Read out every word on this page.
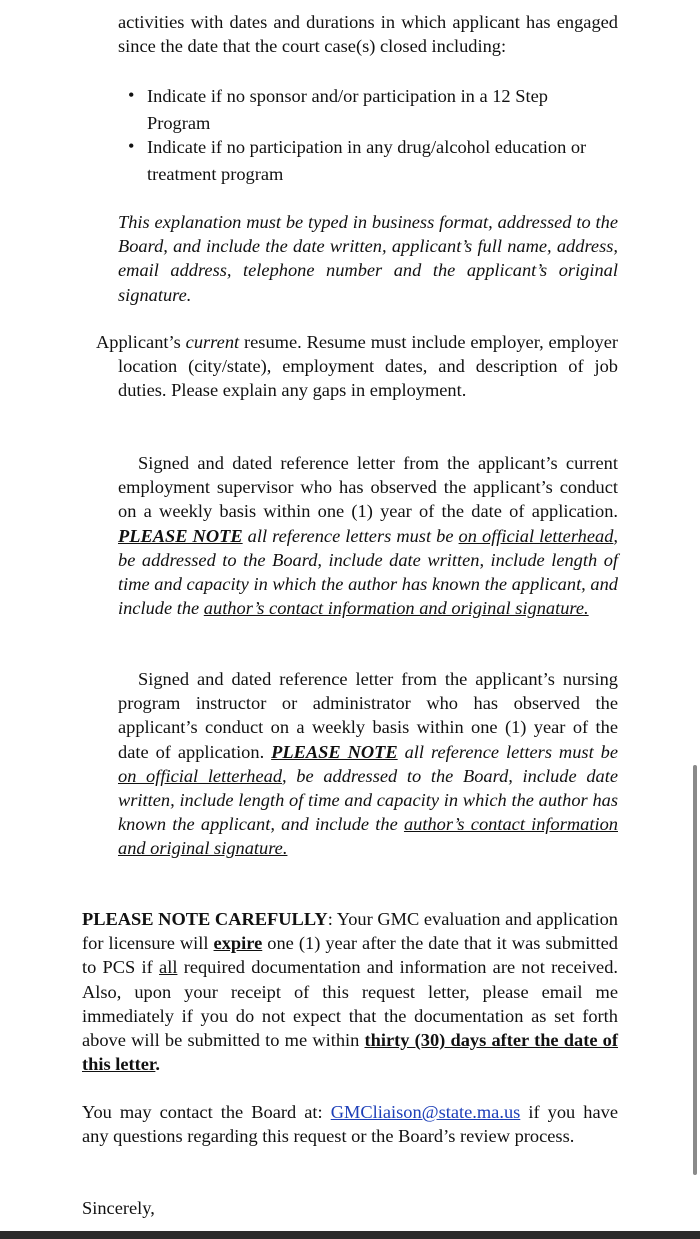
activities with dates and durations in which applicant has engaged since the date that the court case(s) closed including:

• Indicate if no sponsor and/or participation in a 12 Step Program
• Indicate if no participation in any drug/alcohol education or treatment program

This explanation must be typed in business format, addressed to the Board, and include the date written, applicant’s full name, address, email address, telephone number and the applicant’s original signature.

Applicant’s current resume. Resume must include employer, employer location (city/state), employment dates, and description of job duties. Please explain any gaps in employment.

Signed and dated reference letter from the applicant’s current employment supervisor who has observed the applicant’s conduct on a weekly basis within one (1) year of the date of application. PLEASE NOTE all reference letters must be on official letterhead, be addressed to the Board, include date written, include length of time and capacity in which the author has known the applicant, and include the author’s contact information and original signature.

Signed and dated reference letter from the applicant’s nursing program instructor or administrator who has observed the applicant’s conduct on a weekly basis within one (1) year of the date of application. PLEASE NOTE all reference letters must be on official letterhead, be addressed to the Board, include date written, include length of time and capacity in which the author has known the applicant, and include the author’s contact information and original signature.

PLEASE NOTE CAREFULLY: Your GMC evaluation and application for licensure will expire one (1) year after the date that it was submitted to PCS if all required documentation and information are not received. Also, upon your receipt of this request letter, please email me immediately if you do not expect that the documentation as set forth above will be submitted to me within thirty (30) days after the date of this letter.

You may contact the Board at: GMCliaison@state.ma.us if you have any questions regarding this request or the Board’s review process.

Sincerely,
